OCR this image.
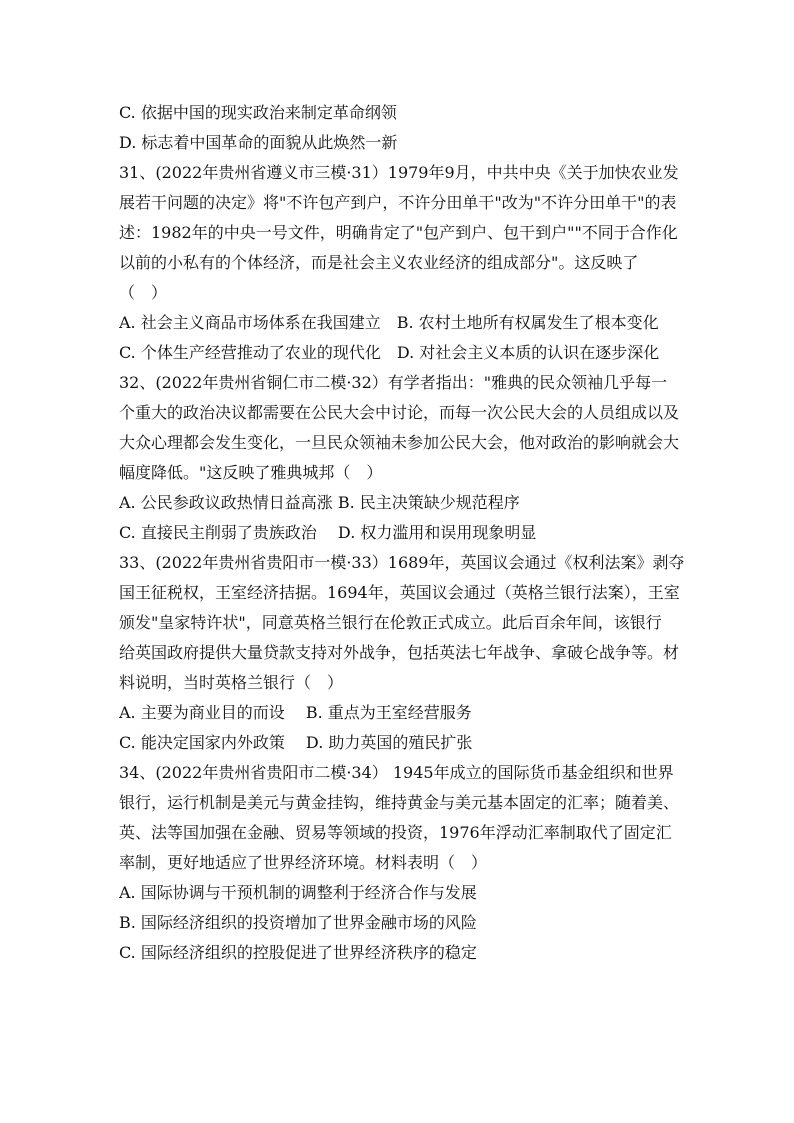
C. 依据中国的现实政治来制定革命纲领

D. 标志着中国革命的面貌从此焕然一新

31、(2022年贵州省遵义市三模·31）1979年9月，中共中央《关于加快农业发

展若干问题的决定》将"不许包产到户，不许分田单干"改为"不许分田单干"的表

述：1982年的中央一号文件，明确肯定了"包产到户、包干到户""不同于合作化

以前的小私有的个体经济，而是社会主义农业经济的组成部分"。这反映了

（　）

A. 社会主义商品市场体系在我国建立　B. 农村土地所有权属发生了根本变化

C. 个体生产经营推动了农业的现代化　D. 对社会主义本质的认识在逐步深化

32、(2022年贵州省铜仁市二模·32）有学者指出："雅典的民众领袖几乎每一

个重大的政治决议都需要在公民大会中讨论，而每一次公民大会的人员组成以及

大众心理都会发生变化，一旦民众领袖未参加公民大会，他对政治的影响就会大

幅度降低。"这反映了雅典城邦（　）

A. 公民参政议政热情日益高涨 B. 民主决策缺少规范程序

C. 直接民主削弱了贵族政治　 D. 权力滥用和误用现象明显

33、(2022年贵州省贵阳市一模·33）1689年，英国议会通过《权利法案》剥夺

国王征税权，王室经济拮据。1694年，英国议会通过（英格兰银行法案），王室

颁发"皇家特许状"，同意英格兰银行在伦敦正式成立。此后百余年间，该银行

给英国政府提供大量贷款支持对外战争，包括英法七年战争、拿破仑战争等。材

料说明，当时英格兰银行（　）

A. 主要为商业目的而设　 B. 重点为王室经营服务

C. 能决定国家内外政策　 D. 助力英国的殖民扩张

34、(2022年贵州省贵阳市二模·34） 1945年成立的国际货币基金组织和世界

银行，运行机制是美元与黄金挂钩，维持黄金与美元基本固定的汇率；随着美、

英、法等国加强在金融、贸易等领域的投资，1976年浮动汇率制取代了固定汇

率制，更好地适应了世界经济环境。材料表明（　）

A. 国际协调与干预机制的调整利于经济合作与发展

B. 国际经济组织的投资增加了世界金融市场的风险

C. 国际经济组织的控股促进了世界经济秩序的稳定
